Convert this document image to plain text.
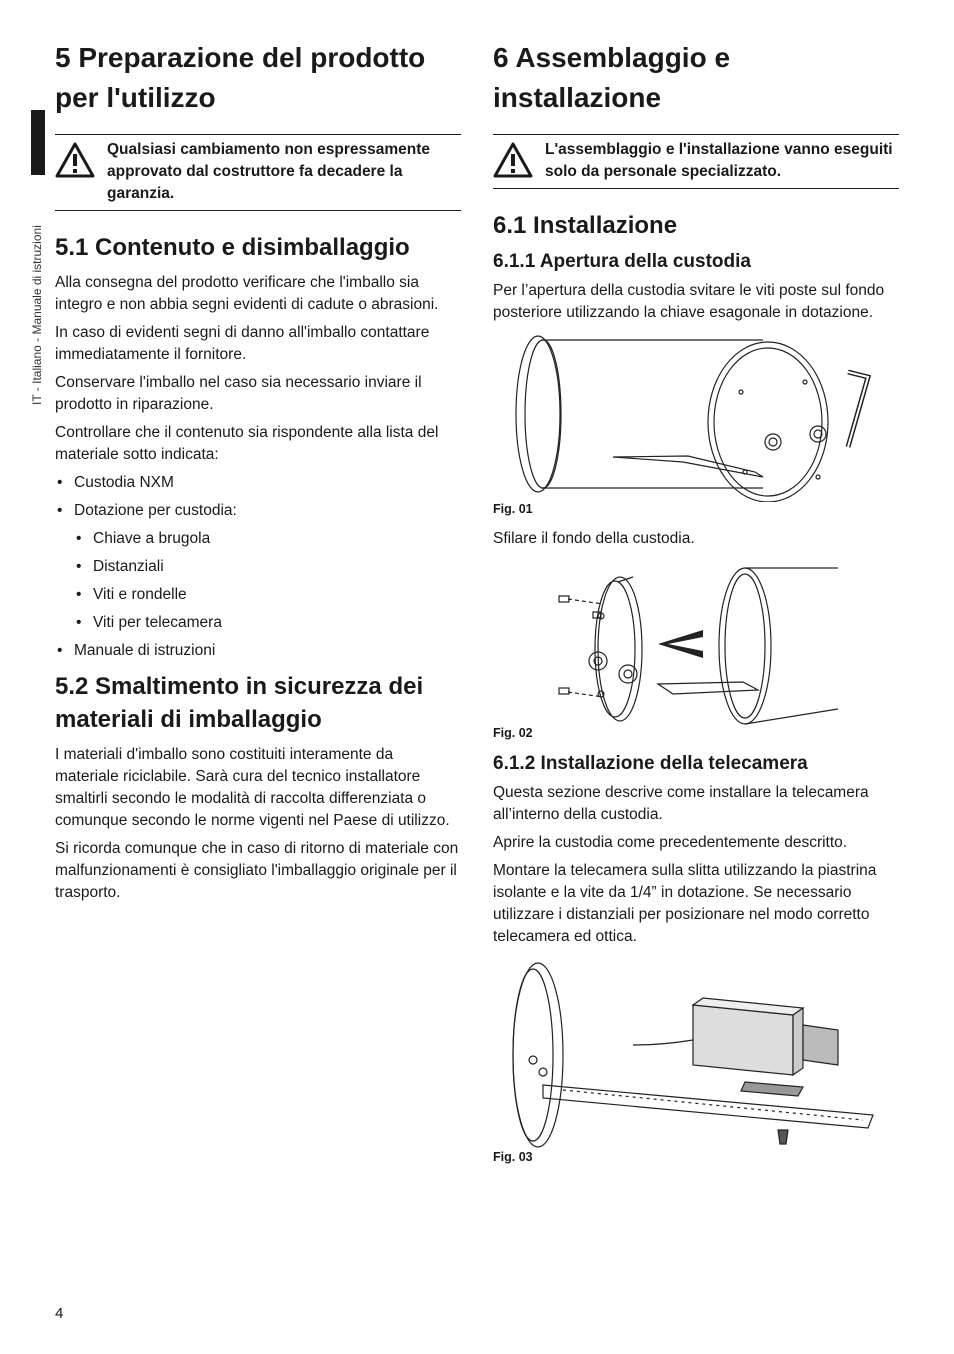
IT - Italiano - Manuale di istruzioni
5 Preparazione del prodotto per l'utilizzo
Qualsiasi cambiamento non espressamente approvato dal costruttore fa decadere la garanzia.
5.1 Contenuto e disimballaggio

Alla consegna del prodotto verificare che l'imballo sia integro e non abbia segni evidenti di cadute o abrasioni.

In caso di evidenti segni di danno all'imballo contattare immediatamente il fornitore.

Conservare l'imballo nel caso sia necessario inviare il prodotto in riparazione.

Controllare che il contenuto sia rispondente alla lista del materiale sotto indicata:

• Custodia NXM
• Dotazione per custodia:
• Chiave a brugola
• Distanziali
• Viti e rondelle
• Viti per telecamera
• Manuale di istruzioni
5.2 Smaltimento in sicurezza dei materiali di imballaggio

I materiali d'imballo sono costituiti interamente da materiale riciclabile. Sarà cura del tecnico installatore smaltirli secondo le modalità di raccolta differenziata o comunque secondo le norme vigenti nel Paese di utilizzo.

Si ricorda comunque che in caso di ritorno di materiale con malfunzionamenti è consigliato l'imballaggio originale per il trasporto.

6 Assemblaggio e installazione
L'assemblaggio e l'installazione vanno eseguiti solo da personale specializzato.
6.1 Installazione
6.1.1 Apertura della custodia

Per l’apertura della custodia svitare le viti poste sul fondo posteriore utilizzando la chiave esagonale in dotazione.

Fig. 01

Sfilare il fondo della custodia.

Fig. 02
6.1.2 Installazione della telecamera

Questa sezione descrive come installare la telecamera all’interno della custodia.

Aprire la custodia come precedentemente descritto.

Montare la telecamera sulla slitta utilizzando la piastrina isolante e la vite da 1/4” in dotazione. Se necessario utilizzare i distanziali per posizionare nel modo corretto telecamera ed ottica.

Fig. 03
4
